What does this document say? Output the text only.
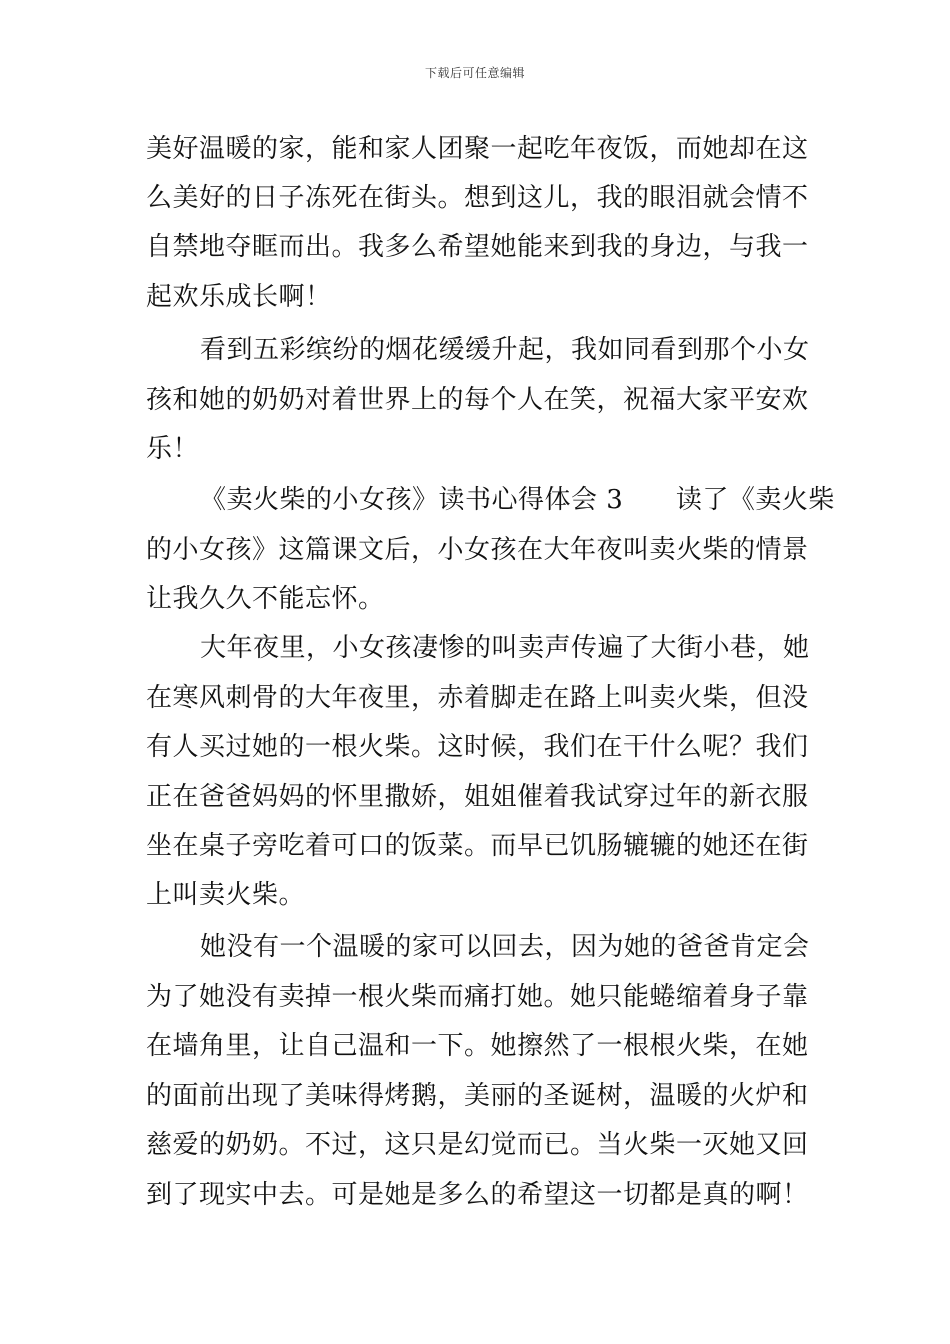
下载后可任意编辑
美好温暖的家，能和家人团聚一起吃年夜饭，而她却在这
么美好的日子冻死在街头。想到这儿，我的眼泪就会情不
自禁地夺眶而出。我多么希望她能来到我的身边，与我一
起欢乐成长啊！
看到五彩缤纷的烟花缓缓升起，我如同看到那个小女
孩和她的奶奶对着世界上的每个人在笑，祝福大家平安欢
乐！
《卖火柴的小女孩》读书心得体会 3      读了《卖火柴
的小女孩》这篇课文后，小女孩在大年夜叫卖火柴的情景
让我久久不能忘怀。
大年夜里，小女孩凄惨的叫卖声传遍了大街小巷，她
在寒风刺骨的大年夜里，赤着脚走在路上叫卖火柴，但没
有人买过她的一根火柴。这时候，我们在干什么呢？我们
正在爸爸妈妈的怀里撒娇，姐姐催着我试穿过年的新衣服
坐在桌子旁吃着可口的饭菜。而早已饥肠辘辘的她还在街
上叫卖火柴。
她没有一个温暖的家可以回去，因为她的爸爸肯定会
为了她没有卖掉一根火柴而痛打她。她只能蜷缩着身子靠
在墙角里，让自己温和一下。她擦然了一根根火柴，在她
的面前出现了美味得烤鹅，美丽的圣诞树，温暖的火炉和
慈爱的奶奶。不过，这只是幻觉而已。当火柴一灭她又回
到了现实中去。可是她是多么的希望这一切都是真的啊！
